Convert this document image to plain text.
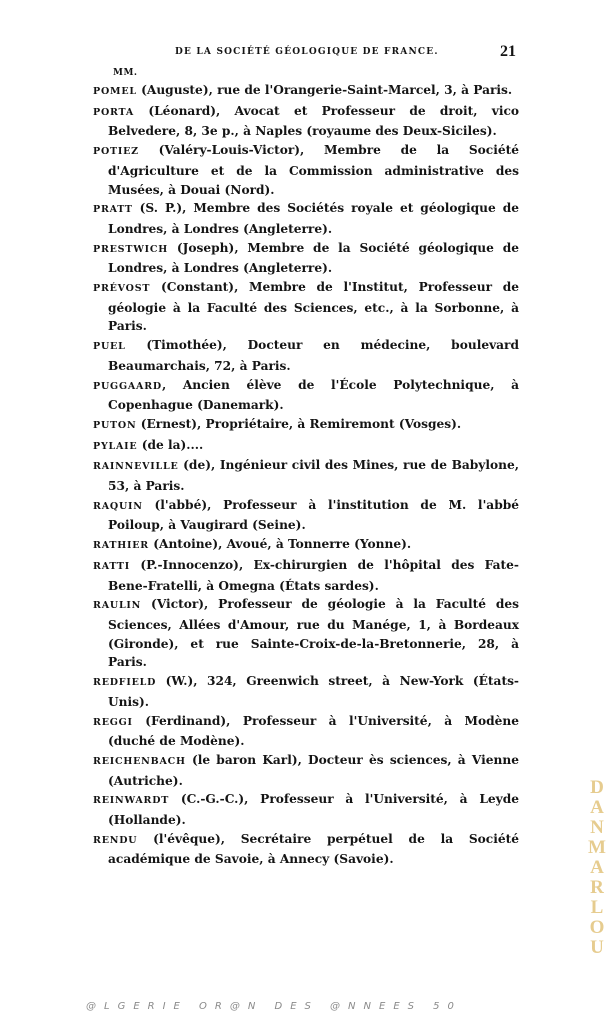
DE LA SOCIÉTÉ GÉOLOGIQUE DE FRANCE.	21
MM.

POMEL (Auguste), rue de l'Orangerie-Saint-Marcel, 3, à Paris.

PORTA (Léonard), Avocat et Professeur de droit, vico Belvedere, 8, 3e p., à Naples (royaume des Deux-Siciles).

POTIEZ (Valéry-Louis-Victor), Membre de la Société d'Agriculture et de la Commission administrative des Musées, à Douai (Nord).

PRATT (S. P.), Membre des Sociétés royale et géologique de Londres, à Londres (Angleterre).

PRESTWICH (Joseph), Membre de la Société géologique de Londres, à Londres (Angleterre).

PRÉVOST (Constant), Membre de l'Institut, Professeur de géologie à la Faculté des Sciences, etc., à la Sorbonne, à Paris.

PUEL (Timothée), Docteur en médecine, boulevard Beaumarchais, 72, à Paris.

PUGGAARD, Ancien élève de l'École Polytechnique, à Copenhague (Danemark).

PUTON (Ernest), Propriétaire, à Remiremont (Vosges).

PYLAIE (de la)....

RAINNEVILLE (de), Ingénieur civil des Mines, rue de Babylone, 53, à Paris.

RAQUIN (l'abbé), Professeur à l'institution de M. l'abbé Poiloup, à Vaugirard (Seine).

RATHIER (Antoine), Avoué, à Tonnerre (Yonne).

RATTI (P.-Innocenzo), Ex-chirurgien de l'hôpital des Fate-Bene-Fratelli, à Omegna (États sardes).

RAULIN (Victor), Professeur de géologie à la Faculté des Sciences, Allées d'Amour, rue du Manége, 1, à Bordeaux (Gironde), et rue Sainte-Croix-de-la-Bretonnerie, 28, à Paris.

REDFIELD (W.), 324, Greenwich street, à New-York (États-Unis).

REGGI (Ferdinand), Professeur à l'Université, à Modène (duché de Modène).

REICHENBACH (le baron Karl), Docteur ès sciences, à Vienne (Autriche).

REINWARDT (C.-G.-C.), Professeur à l'Université, à Leyde (Hollande).

RENDU (l'évêque), Secrétaire perpétuel de la Société académique de Savoie, à Annecy (Savoie).

DANMARLOU
@LGERIE OR@N DES @NNEES 50
